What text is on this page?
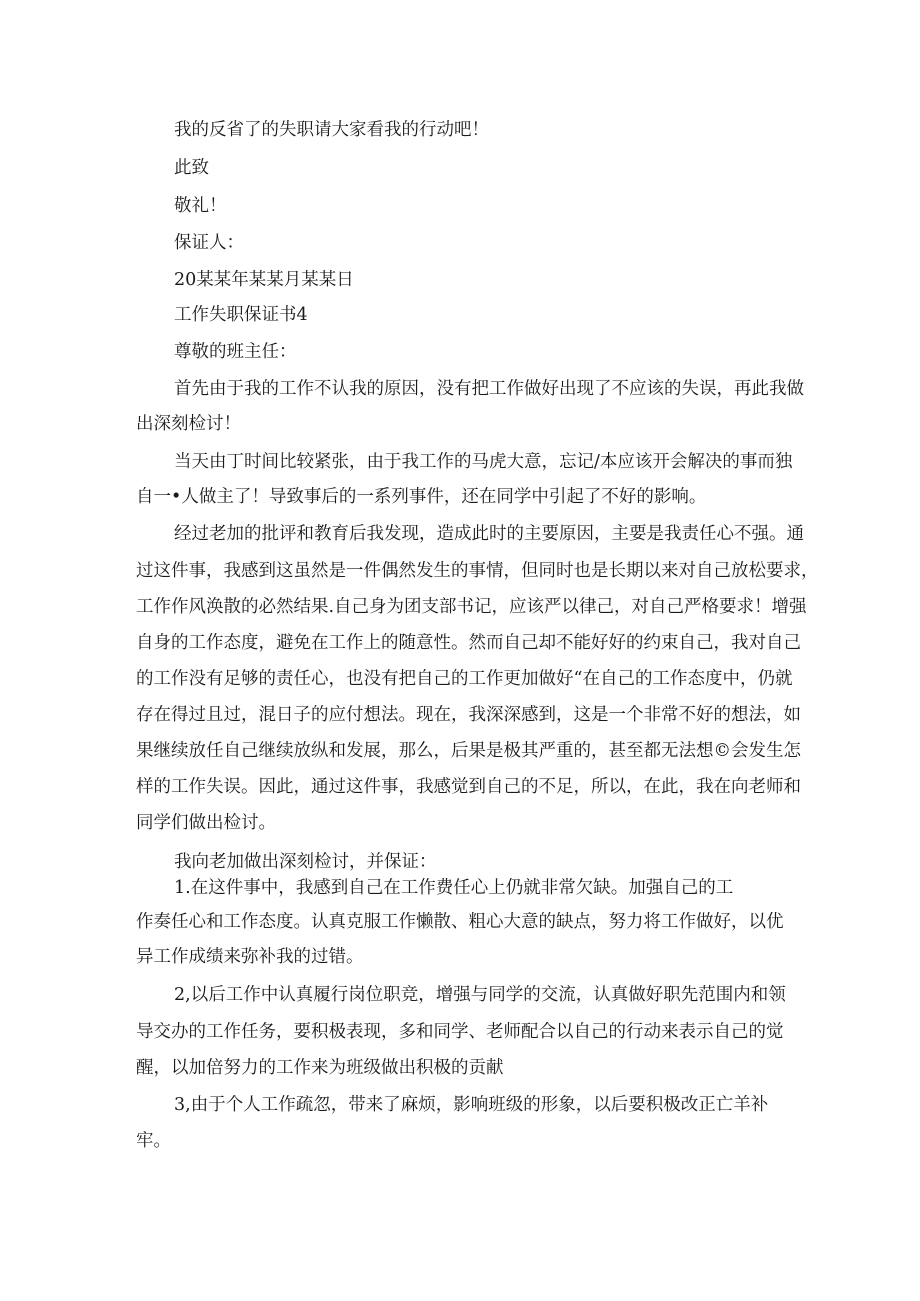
我的反省了的失职请大家看我的行动吧！

此致

敬礼！

保证人：

20某某年某某月某某日

工作失职保证书4

尊敬的班主任：

首先由于我的工作不认我的原因，没有把工作做好出现了不应该的失误，再此我做

出深刻检讨！

当天由丁时间比较紧张，由于我工作的马虎大意，忘记/本应该开会解决的事而独

自一•人做主了！导致事后的一系列事件，还在同学中引起了不好的影响。

经过老加的批评和教育后我发现，造成此时的主要原因，主要是我责任心不强。通

过这件事，我感到这虽然是一件偶然发生的事情，但同时也是长期以来对自己放松要求，

工作作风涣散的必然结果.自己身为团支部书记，应该严以律己，对自己严格要求！增强

自身的工作态度，避免在工作上的随意性。然而自己却不能好好的约束自己，我对自己

的工作没有足够的责任心，也没有把自己的工作更加做好“在自己的工作态度中，仍就

存在得过且过，混日子的应付想法。现在，我深深感到，这是一个非常不好的想法，如

果继续放任自己继续放纵和发展，那么，后果是极其严重的，甚至都无法想©会发生怎

样的工作失误。因此，通过这件事，我感觉到自己的不足，所以，在此，我在向老师和

同学们做出检讨。

我向老加做出深刻检讨，并保证：

1.在这件事中，我感到自己在工作费任心上仍就非常欠缺。加强自己的工

作奏任心和工作态度。认真克服工作懒散、粗心大意的缺点，努力将工作做好，以优

异工作成绩来弥补我的过错。

2,以后工作中认真履行岗位职竞，增强与同学的交流，认真做好职先范围内和领

导交办的工作任务，要积极表现，多和同学、老师配合以自己的行动来表示自己的觉

醒，以加倍努力的工作来为班级做出积极的贡献

3,由于个人工作疏忽，带来了麻烦，影响班级的形象，以后要积极改正亡羊补

牢。
